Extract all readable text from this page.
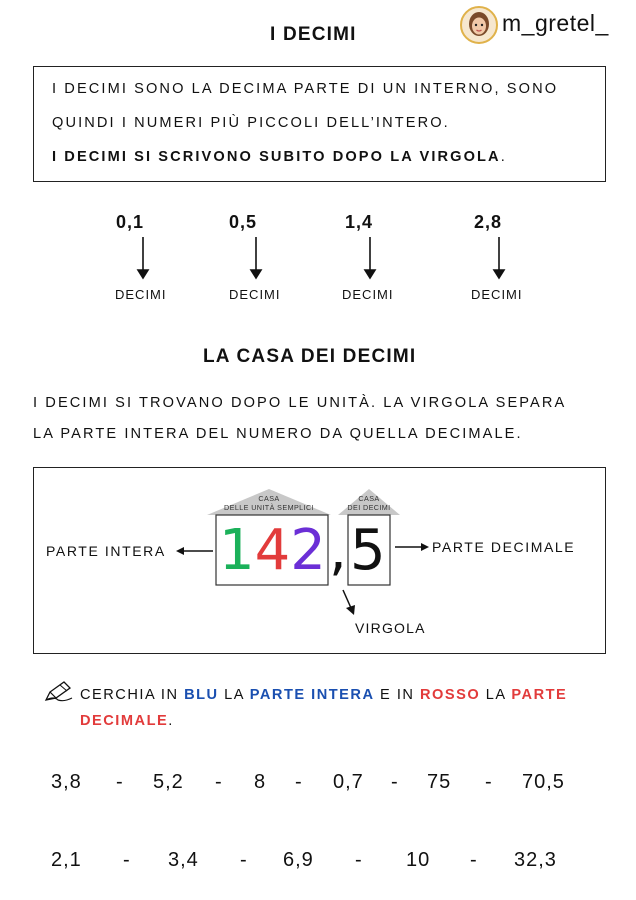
I DECIMI	m_gretel_
I DECIMI SONO LA DECIMA PARTE DI UN INTERNO, SONO
QUINDI I NUMERI PIÙ PICCOLI DELL’INTERO.
I DECIMI SI SCRIVONO SUBITO DOPO LA VIRGOLA.
0,1	0,5	1,4	2,8
DECIMI	DECIMI	DECIMI	DECIMI
LA CASA DEI DECIMI
I DECIMI SI TROVANO DOPO LE UNITÀ. LA VIRGOLA SEPARA
LA PARTE INTERA DEL NUMERO DA QUELLA DECIMALE.
CASA
DELLE UNITÀ SEMPLICI
CASA
DEI DECIMI
142 , 5
PARTE INTERA	PARTE DECIMALE
VIRGOLA
CERCHIA IN BLU LA PARTE INTERA E IN ROSSO LA PARTE
DECIMALE.
3,8 - 5,2 - 8 - 0,7 - 75 - 70,5
2,1 - 3,4 - 6,9 - 10 - 32,3
